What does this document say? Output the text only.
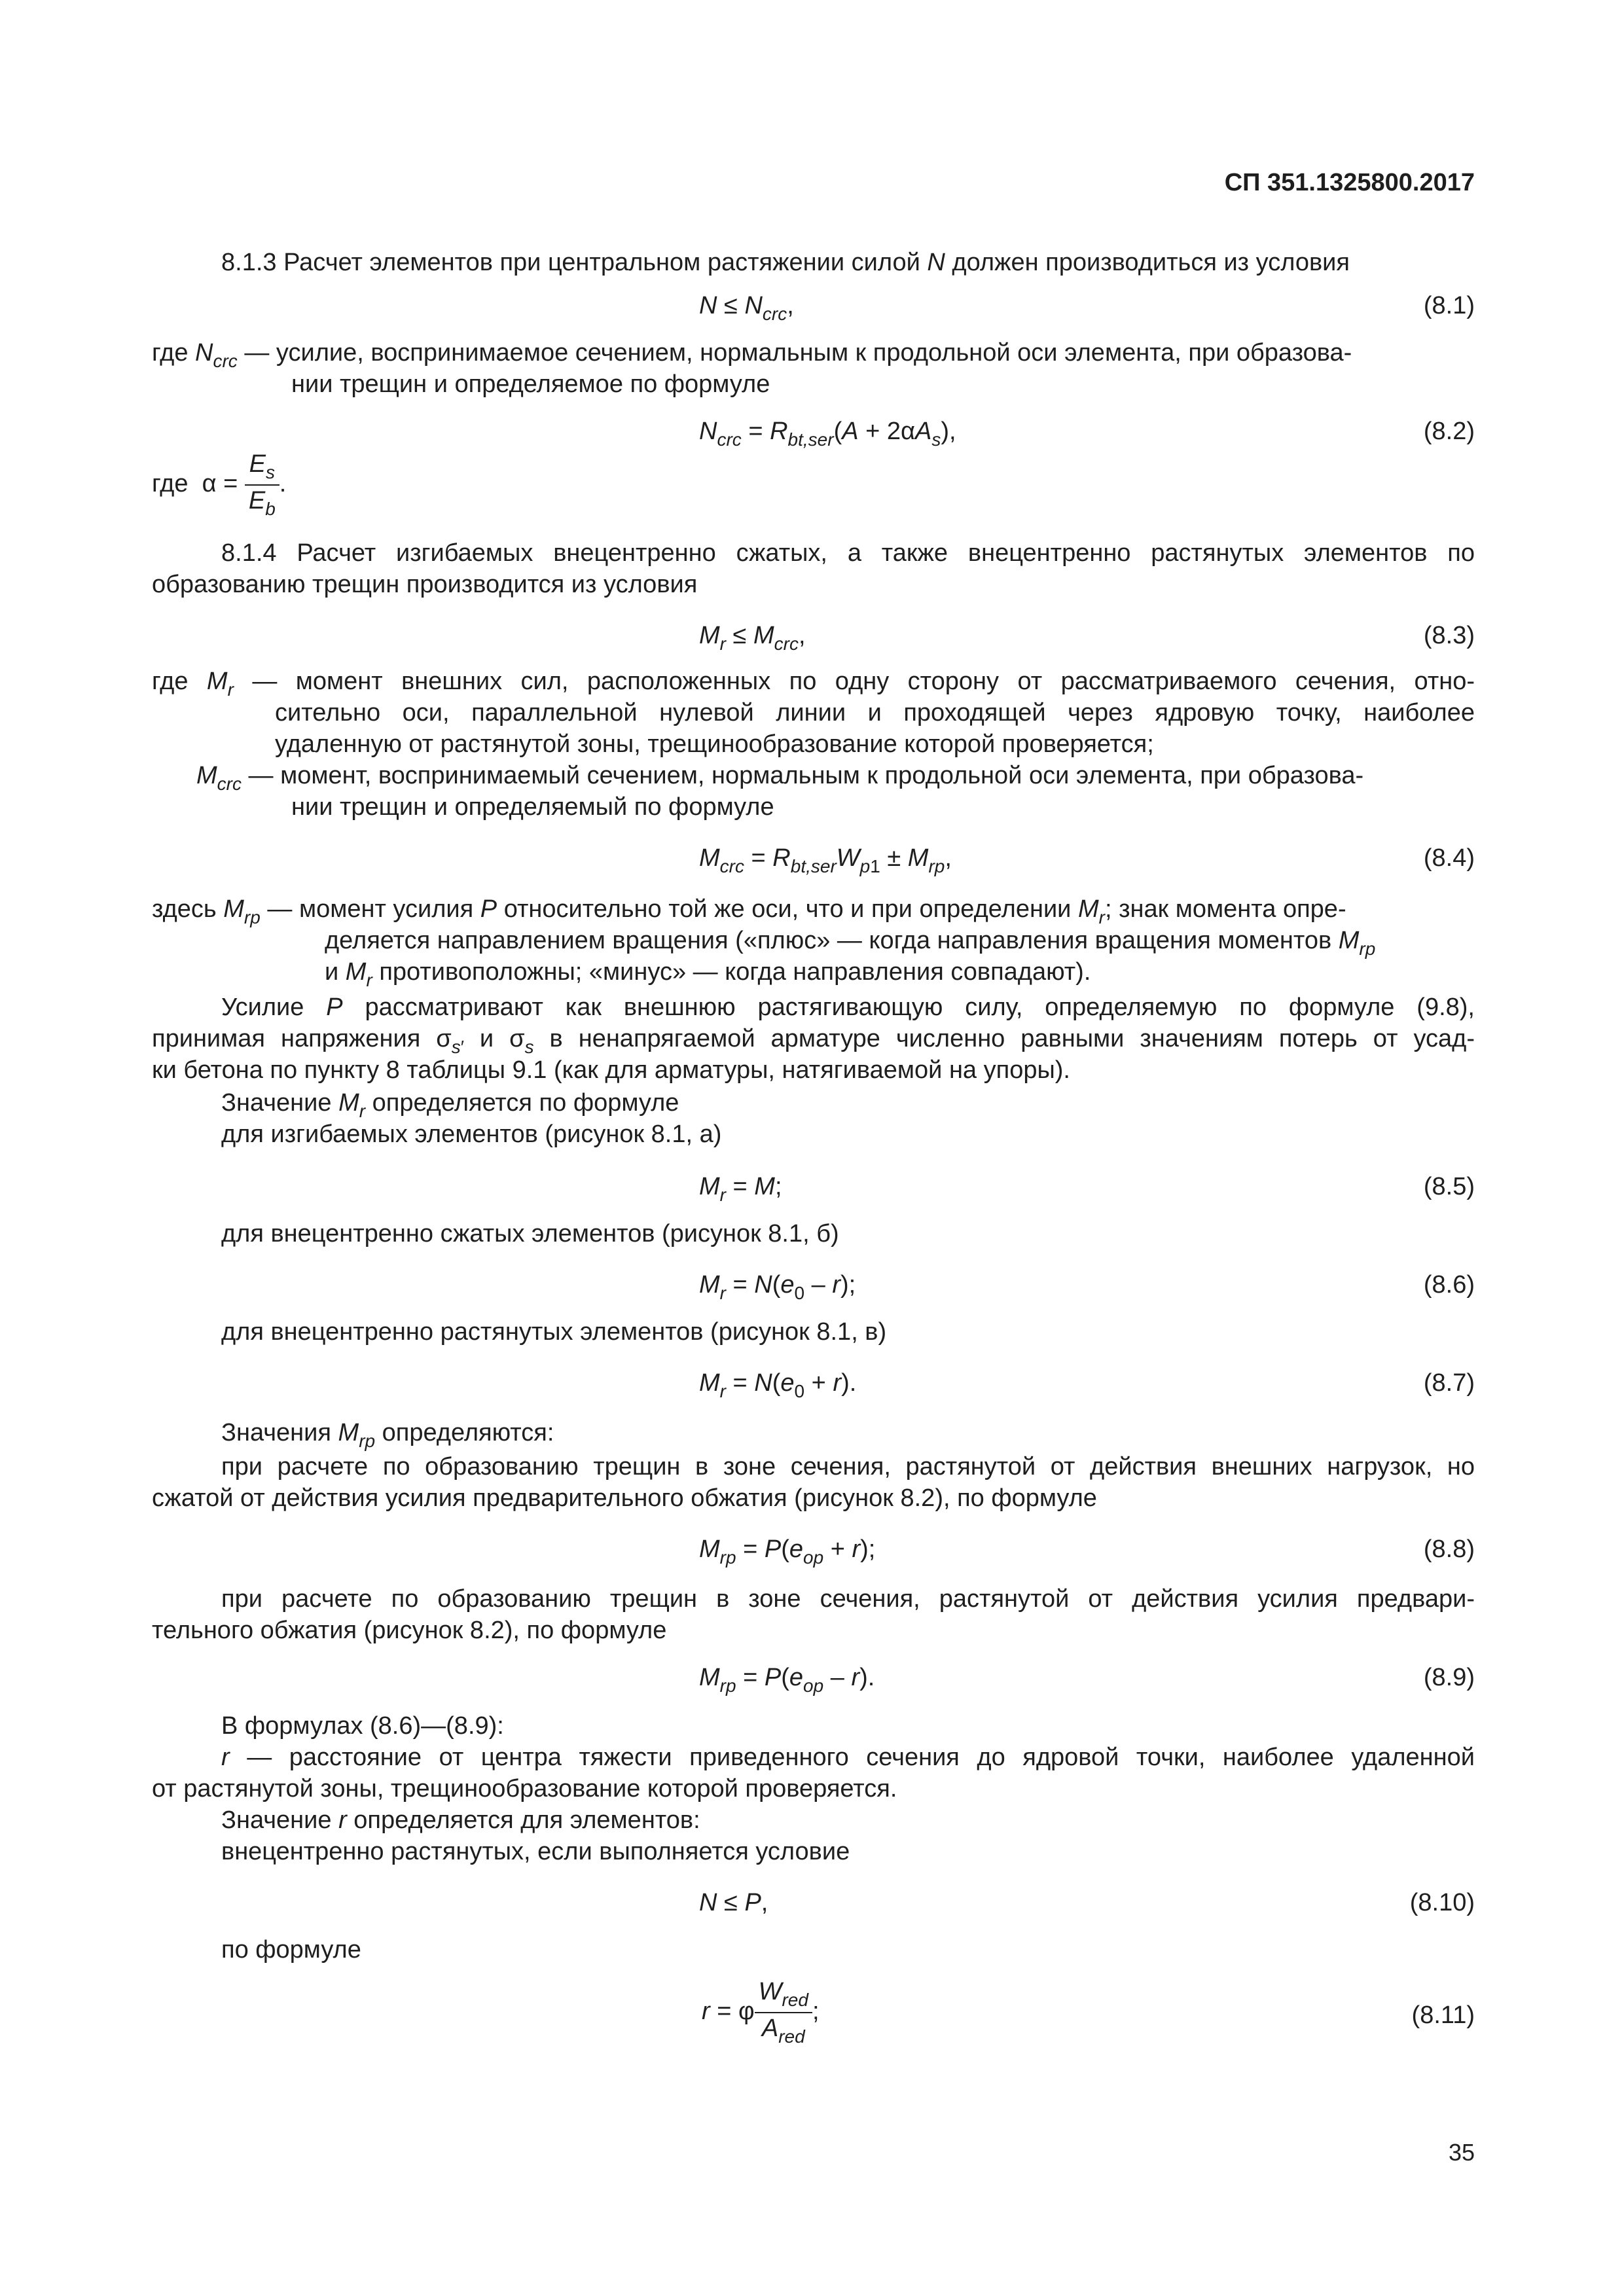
СП 351.1325800.2017
8.1.3 Расчет элементов при центральном растяжении силой N должен производиться из условия
$N \le N_{crc}$,	(8.1)
где $N_{crc}$ — усилие, воспринимаемое сечением, нормальным к продольной оси элемента, при образова-
нии трещин и определяемое по формуле
$N_{crc} = R_{bt,ser}(A + 2\alpha A_s)$,	(8.2)
где  $\alpha = \frac{E_s}{E_b}$ .
8.1.4 Расчет изгибаемых внецентренно сжатых, а также внецентренно растянутых элементов по
образованию трещин производится из условия
$M_r \le M_{crc}$,	(8.3)
где $M_r$ — момент внешних сил, расположенных по одну сторону от рассматриваемого сечения, отно-
сительно оси, параллельной нулевой линии и проходящей через ядровую точку, наиболее
удаленную от растянутой зоны, трещинообразование которой проверяется;
$M_{crc}$ — момент, воспринимаемый сечением, нормальным к продольной оси элемента, при образова-
нии трещин и определяемый по формуле
$M_{crc} = R_{bt,ser}W_{p1} \pm M_{rp}$,	(8.4)
здесь $M_{rp}$ — момент усилия P относительно той же оси, что и при определении $M_r$; знак момента опре-
деляется направлением вращения («плюс» — когда направления вращения моментов $M_{rp}$
и $M_r$ противоположны; «минус» — когда направления совпадают).
Усилие P рассматривают как внешнюю растягивающую силу, определяемую по формуле (9.8),
принимая напряжения $\sigma_{s'}$ и $\sigma_s$ в ненапрягаемой арматуре численно равными значениям потерь от усад-
ки бетона по пункту 8 таблицы 9.1 (как для арматуры, натягиваемой на упоры).
Значение $M_r$ определяется по формуле
для изгибаемых элементов (рисунок 8.1, а)
$M_r = M$;	(8.5)
для внецентренно сжатых элементов (рисунок 8.1, б)
$M_r = N(e_0 - r)$;	(8.6)
для внецентренно растянутых элементов (рисунок 8.1, в)
$M_r = N(e_0 + r)$.	(8.7)
Значения $M_{rp}$ определяются:
при расчете по образованию трещин в зоне сечения, растянутой от действия внешних нагрузок, но
сжатой от действия усилия предварительного обжатия (рисунок 8.2), по формуле
$M_{rp} = P(e_{op} + r)$;	(8.8)
при расчете по образованию трещин в зоне сечения, растянутой от действия усилия предвари-
тельного обжатия (рисунок 8.2), по формуле
$M_{rp} = P(e_{op} - r)$.	(8.9)
В формулах (8.6)—(8.9):
r — расстояние от центра тяжести приведенного сечения до ядровой точки, наиболее удаленной
от растянутой зоны, трещинообразование которой проверяется.
Значение r определяется для элементов:
внецентренно растянутых, если выполняется условие
N ≤ P,	(8.10)
по формуле
r = φ $\frac{W_{red}}{A_{red}}$ ;	(8.11)
35
